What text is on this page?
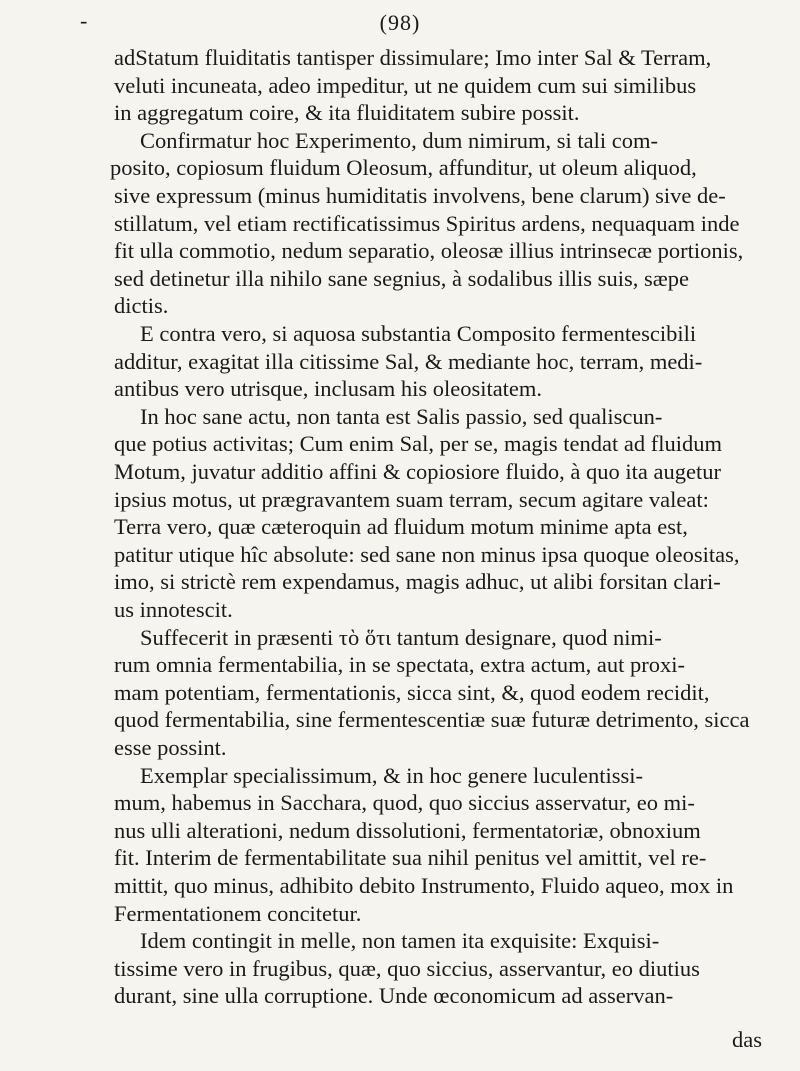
-	(98)
adStatum fluiditatis tantisper dissimulare; Imo inter Sal & Terram,
veluti incuneata, adeo impeditur, ut ne quidem cum sui similibus
in aggregatum coire, & ita fluiditatem subire possit.
Confirmatur hoc Experimento, dum nimirum, si tali com-
posito, copiosum fluidum Oleosum, affunditur, ut oleum aliquod,
sive expressum (minus humiditatis involvens, bene clarum) sive de-
stillatum, vel etiam rectificatissimus Spiritus ardens, nequaquam inde
fit ulla commotio, nedum separatio, oleosæ illius intrinsecæ portionis,
sed detinetur illa nihilo sane segnius, à sodalibus illis suis, sæpe
dictis.
E contra vero, si aquosa substantia Composito fermentescibili
additur, exagitat illa citissime Sal, & mediante hoc, terram, medi-
antibus vero utrisque, inclusam his oleositatem.
In hoc sane actu, non tanta est Salis passio, sed qualiscun-
que potius activitas; Cum enim Sal, per se, magis tendat ad fluidum
Motum, juvatur additio affini & copiosiore fluido, à quo ita augetur
ipsius motus, ut prægravantem suam terram, secum agitare valeat:
Terra vero, quæ cæteroquin ad fluidum motum minime apta est,
patitur utique hîc absolute: sed sane non minus ipsa quoque oleositas,
imo, si strictè rem expendamus, magis adhuc, ut alibi forsitan clari-
us innotescit.
Suffecerit in præsenti τὸ ὅτι tantum designare, quod nimi-
rum omnia fermentabilia, in se spectata, extra actum, aut proxi-
mam potentiam, fermentationis, sicca sint, &, quod eodem recidit,
quod fermentabilia, sine fermentescentiæ suæ futuræ detrimento, sicca
esse possint.
Exemplar specialissimum, & in hoc genere luculentissi-
mum, habemus in Sacchara, quod, quo siccius asservatur, eo mi-
nus ulli alterationi, nedum dissolutioni, fermentatoriæ, obnoxium
fit. Interim de fermentabilitate sua nihil penitus vel amittit, vel re-
mittit, quo minus, adhibito debito Instrumento, Fluido aqueo, mox in
Fermentationem concitetur.
Idem contingit in melle, non tamen ita exquisite: Exquisi-
tissime vero in frugibus, quæ, quo siccius, asservantur, eo diutius
durant, sine ulla corruptione. Unde œconomicum ad asservan-
das
